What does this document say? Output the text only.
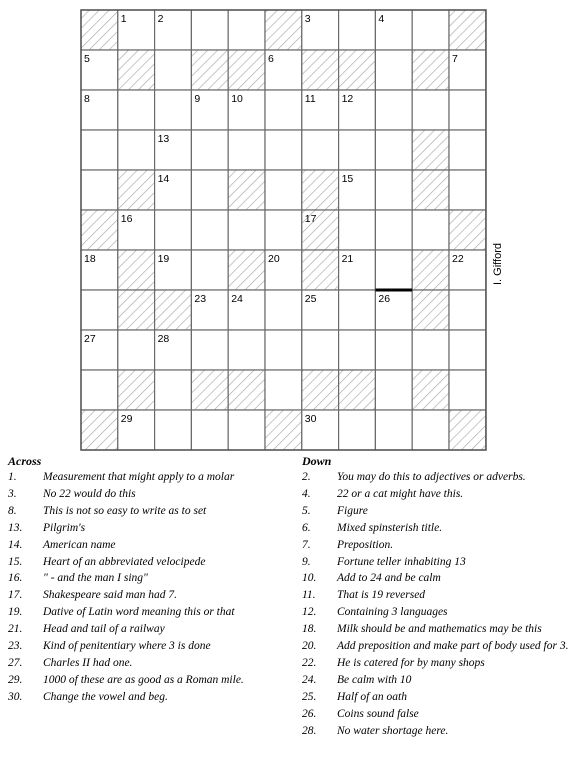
1	2	3	4
5	6	7
8	9	10	11 12
13
14	15
16	17
18	19	20	21	22
23 24	25	26
27	28
29	30
I. Gifford
Across
1. Measurement that might apply to a molar
3. No 22 would do this
8. This is not so easy to write as to set
13. Pilgrim's
14. American name
15. Heart of an abbreviated velocipede
16. " - and the man I sing"
17. Shakespeare said man had 7.
19. Dative of Latin word meaning this or that
21. Head and tail of a railway
23. Kind of penitentiary where 3 is done
27. Charles II had one.
29. 1000 of these are as good as a Roman mile.
30. Change the vowel and beg.
Down
2. You may do this to adjectives or adverbs.
4. 22 or a cat might have this.
5. Figure
6. Mixed spinsterish title.
7. Preposition.
9. Fortune teller inhabiting 13
10. Add to 24 and be calm
11. That is 19 reversed
12. Containing 3 languages
18. Milk should be and mathematics may be this
20. Add preposition and make part of body used for 3.
22. He is catered for by many shops
24. Be calm with 10
25. Half of an oath
26. Coins sound false
28. No water shortage here.
